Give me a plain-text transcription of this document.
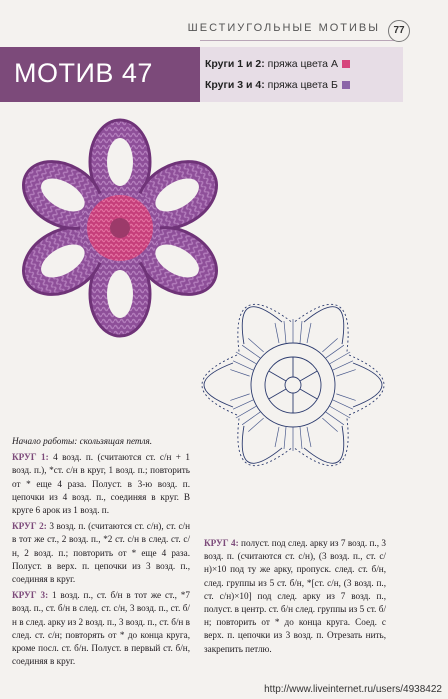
ШЕСТИУГОЛЬНЫЕ МОТИВЫ	77
МОТИВ 47	Круги 1 и 2: пряжа цвета А
Круги 3 и 4: пряжа цвета Б

Начало работы: скользящая петля.

КРУГ 1: 4 возд. п. (считаются ст. с/н + 1 возд. п.), *ст. с/н в круг, 1 возд. п.; повторить от * еще 4 раза. Полуст. в 3-ю возд. п. цепочки из 4 возд. п., соединяя в круг. В круге 6 арок из 1 возд. п.

КРУГ 2: 3 возд. п. (считаются ст. с/н), ст. с/н в тот же ст., 2 возд. п., *2 ст. с/н в след. ст. с/н, 2 возд. п.; повторить от * еще 4 раза. Полуст. в верх. п. цепочки из 3 возд. п., соединяя в круг.

КРУГ 3: 1 возд. п., ст. б/н в тот же ст., *7 возд. п., ст. б/н в след. ст. с/н, 3 возд. п., ст. б/н в след. арку из 2 возд. п., 3 возд. п., ст. б/н в след. ст. с/н; повторять от * до конца круга, кроме посл. ст. б/н. Полуст. в первый ст. б/н, соединяя в круг.

КРУГ 4: полуст. под след. арку из 7 возд. п., 3 возд. п. (считаются ст. с/н), (3 возд. п., ст. с/н)×10 под ту же арку, пропуск. след. ст. б/н, след. группы из 5 ст. б/н, *[ст. с/н, (3 возд. п., ст. с/н)×10] под след. арку из 7 возд. п., полуст. в центр. ст. б/н след. группы из 5 ст. б/н; повторить от * до конца круга. Соед. с верх. п. цепочки из 3 возд. п. Отрезать нить, закрепить петлю.

http://www.liveinternet.ru/users/4938422
